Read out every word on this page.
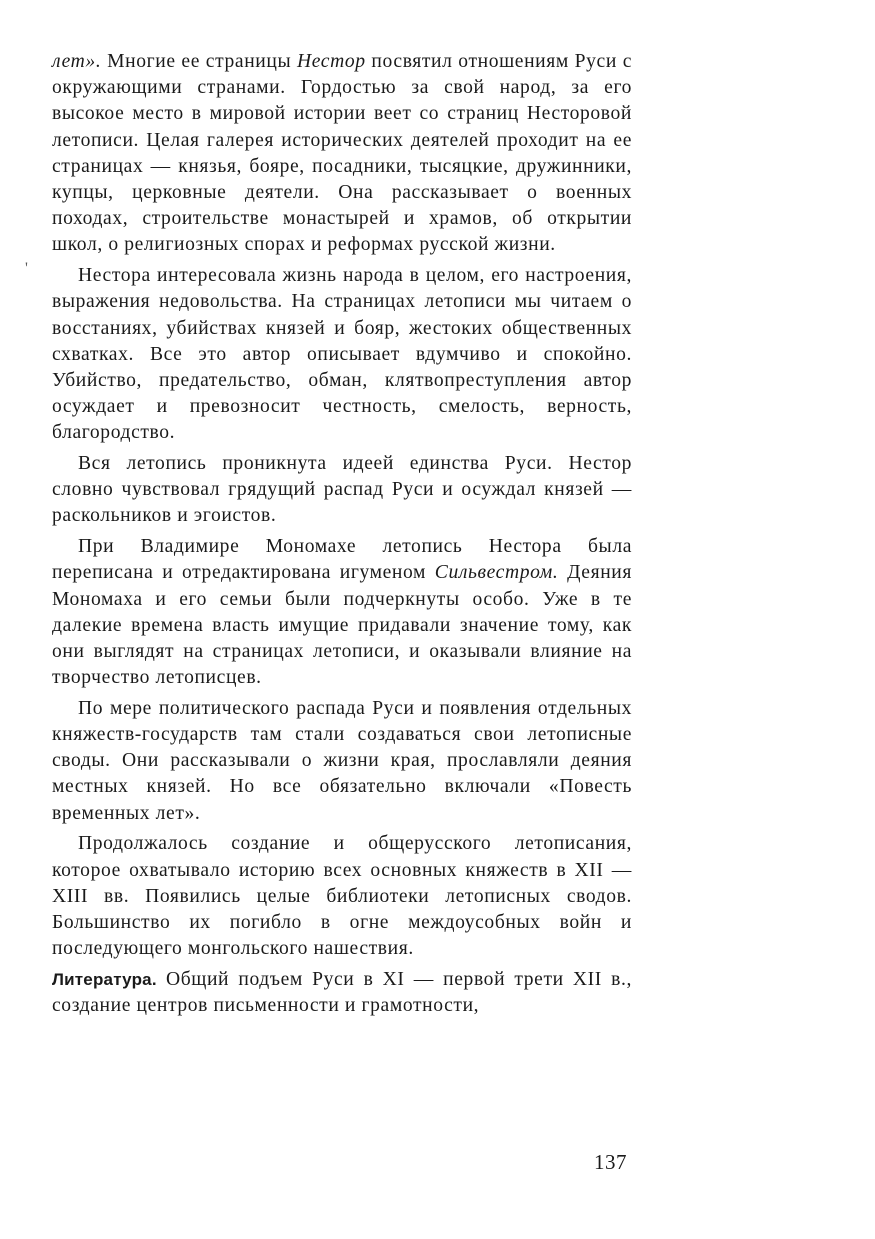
'

лет». Многие ее страницы Нестор посвятил отношениям Руси с окружающими странами. Гордостью за свой народ, за его высокое место в мировой истории веет со страниц Несторовой летописи. Целая галерея исторических деятелей проходит на ее страницах — князья, бояре, посадники, тысяцкие, дружинники, купцы, церковные деятели. Она рассказывает о военных походах, строительстве монастырей и храмов, об открытии школ, о религиозных спорах и реформах русской жизни.

Нестора интересовала жизнь народа в целом, его настроения, выражения недовольства. На страницах летописи мы читаем о восстаниях, убийствах князей и бояр, жестоких общественных схватках. Все это автор описывает вдумчиво и спокойно. Убийство, предательство, обман, клятвопреступления автор осуждает и превозносит честность, смелость, верность, благородство.

Вся летопись проникнута идеей единства Руси. Нестор словно чувствовал грядущий распад Руси и осуждал князей — раскольников и эгоистов.

При Владимире Мономахе летопись Нестора была переписана и отредактирована игуменом Сильвестром. Деяния Мономаха и его семьи были подчеркнуты особо. Уже в те далекие времена власть имущие придавали значение тому, как они выглядят на страницах летописи, и оказывали влияние на творчество летописцев.

По мере политического распада Руси и появления отдельных княжеств-государств там стали создаваться свои летописные своды. Они рассказывали о жизни края, прославляли деяния местных князей. Но все обязательно включали «Повесть временных лет».

Продолжалось создание и общерусского летописания, которое охватывало историю всех основных княжеств в XII — XIII вв. Появились целые библиотеки летописных сводов. Большинство их погибло в огне междоусобных войн и последующего монгольского нашествия.

Литература. Общий подъем Руси в XI — первой трети XII в., создание центров письменности и грамотности,

137
